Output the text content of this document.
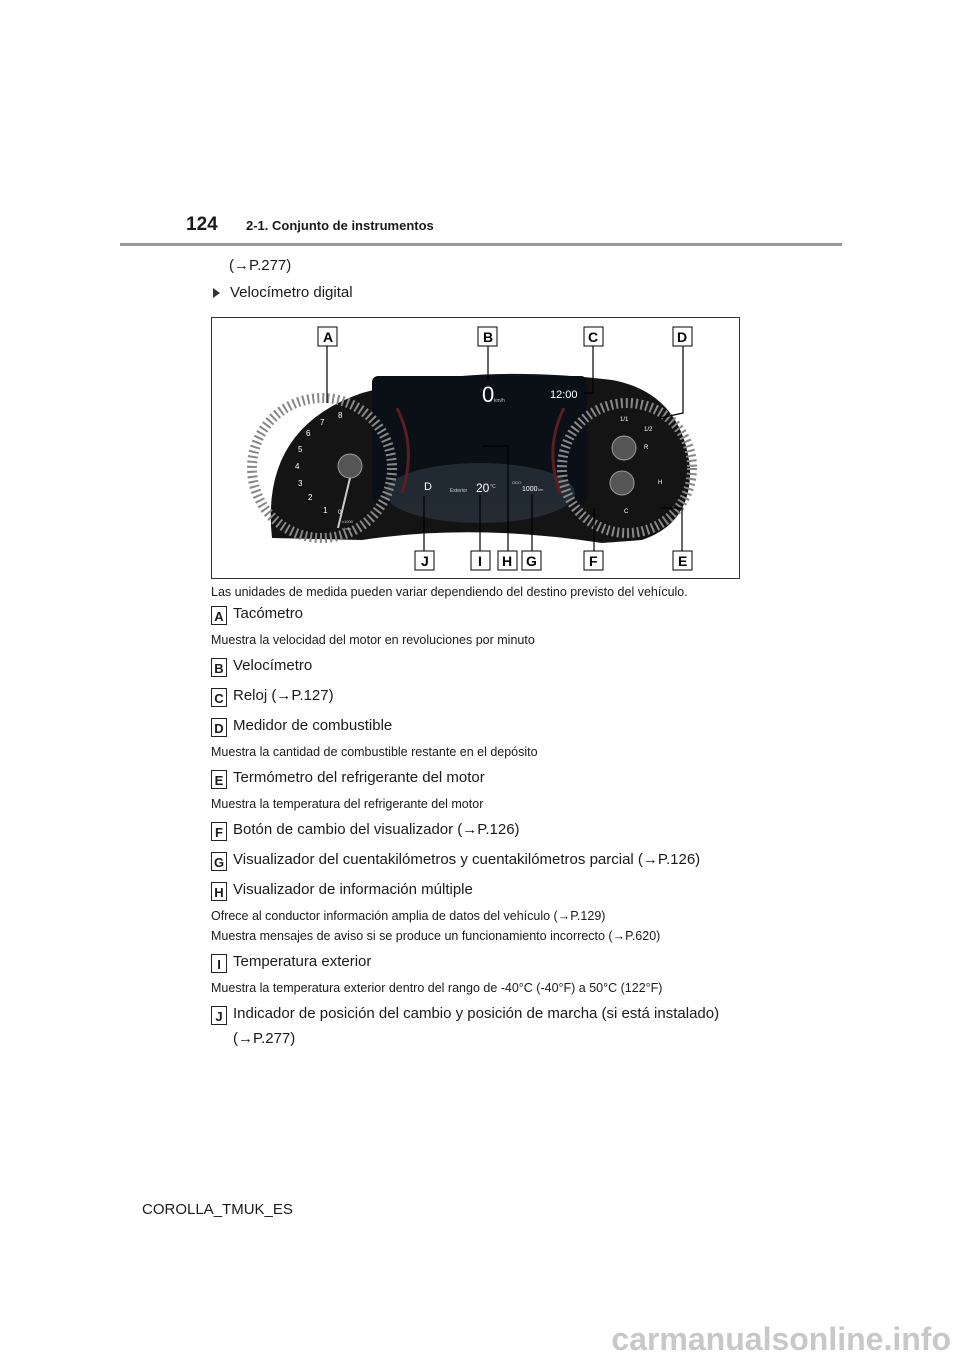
124 2-1. Conjunto de instrumentos
(→P.277)
Velocímetro digital
0 km/h	12:00
D	Exterior 20 °C
ODO
1000 km
1
2
3
4
5
6
7
8
0
x1000
r/min
1/1
1/2
R
H
C
A	B	C	D
E
F
G
H
I
J
Las unidades de medida pueden variar dependiendo del destino previsto del vehículo.
A Tacómetro
Muestra la velocidad del motor en revoluciones por minuto
B Velocímetro
C Reloj (→P.127)
D Medidor de combustible
Muestra la cantidad de combustible restante en el depósito
E Termómetro del refrigerante del motor
Muestra la temperatura del refrigerante del motor
F Botón de cambio del visualizador (→P.126)
G Visualizador del cuentakilómetros y cuentakilómetros parcial (→P.126)
H Visualizador de información múltiple
Ofrece al conductor información amplia de datos del vehículo (→P.129)
Muestra mensajes de aviso si se produce un funcionamiento incorrecto (→P.620)
I Temperatura exterior
Muestra la temperatura exterior dentro del rango de -40°C (-40°F) a 50°C (122°F)
J Indicador de posición del cambio y posición de marcha (si está instalado)
(→P.277)
COROLLA_TMUK_ES
carmanualsonline.info
